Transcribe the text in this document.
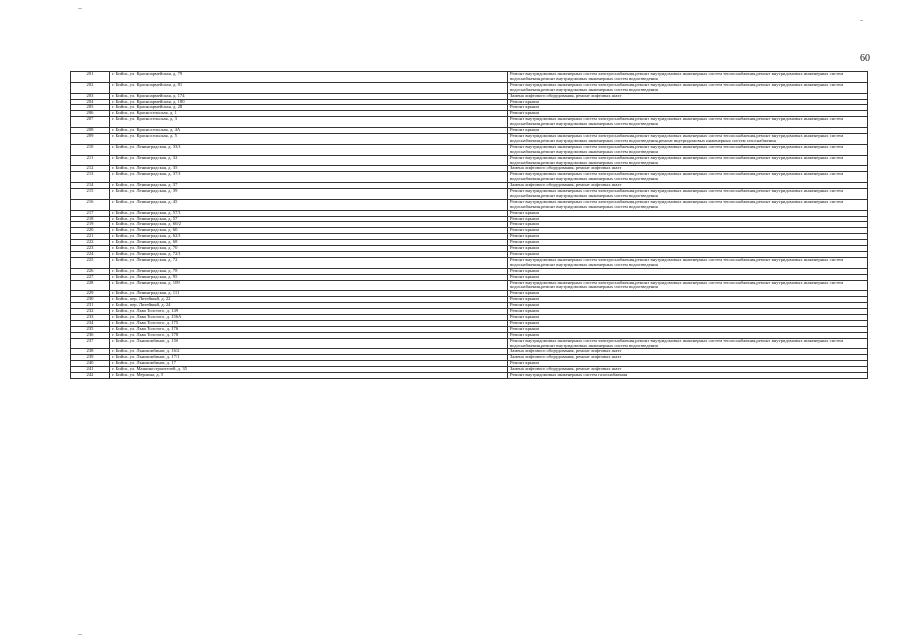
60
201	г. Бийск, ул. Красноармейская, д. 79	Ремонт внутридомовых инженерных систем электроснабжения,ремонт внутридомовых инженерных систем теплоснабжения,ремонт внутридомовых инженерных систем водоснабжения,ремонт внутридомовых инженерных систем водоотведения
202	г. Бийск, ул. Красноармейская, д. 81	Ремонт внутридомовых инженерных систем электроснабжения,ремонт внутридомовых инженерных систем теплоснабжения,ремонт внутридомовых инженерных систем водоснабжения,ремонт внутридомовых инженерных систем водоотведения
203	г. Бийск, ул. Красноармейская, д. 174	Замена лифтового оборудования, ремонт лифтовых шахт
204	г. Бийск, ул. Красноармейская, д. 180	Ремонт крыши
205	г. Бийск, ул. Красноармейская, д. 28	Ремонт крыши
206	г. Бийск, ул. Красносельская, д. 1	Ремонт крыши
207	г. Бийск, ул. Красносельская, д. 3	Ремонт внутридомовых инженерных систем электроснабжения,ремонт внутридомовых инженерных систем теплоснабжения,ремонт внутридомовых инженерных систем водоснабжения,ремонт внутридомовых инженерных систем водоотведения
208	г. Бийск, ул. Красносельская, д. 4А	Ремонт крыши
209	г. Бийск, ул. Красносельская, д. 5	Ремонт внутридомовых инженерных систем электроснабжения,ремонт внутридомовых инженерных систем теплоснабжения,ремонт внутридомовых инженерных систем водоснабжения,ремонт внутридомовых инженерных систем водоотведения,ремонт внутридомовых инженерных систем газоснабжения
210	г. Бийск, ул. Ленинградская, д. 33/1	Ремонт внутридомовых инженерных систем электроснабжения,ремонт внутридомовых инженерных систем теплоснабжения,ремонт внутридомовых инженерных систем водоснабжения,ремонт внутридомовых инженерных систем водоотведения
211	г. Бийск, ул. Ленинградская, д. 32	Ремонт внутридомовых инженерных систем электроснабжения,ремонт внутридомовых инженерных систем теплоснабжения,ремонт внутридомовых инженерных систем водоснабжения,ремонт внутридомовых инженерных систем водоотведения
212	г. Бийск, ул. Ленинградская, д. 35	Замена лифтового оборудования, ремонт лифтовых шахт
213	г. Бийск, ул. Ленинградская, д. 37/1	Ремонт внутридомовых инженерных систем электроснабжения,ремонт внутридомовых инженерных систем теплоснабжения,ремонт внутридомовых инженерных систем водоснабжения,ремонт внутридомовых инженерных систем водоотведения
214	г. Бийск, ул. Ленинградская, д. 37	Замена лифтового оборудования, ремонт лифтовых шахт
215	г. Бийск, ул. Ленинградская, д. 39	Ремонт внутридомовых инженерных систем электроснабжения,ремонт внутридомовых инженерных систем теплоснабжения,ремонт внутридомовых инженерных систем водоснабжения,ремонт внутридомовых инженерных систем водоотведения
216	г. Бийск, ул. Ленинградская, д. 45	Ремонт внутридомовых инженерных систем электроснабжения,ремонт внутридомовых инженерных систем теплоснабжения,ремонт внутридомовых инженерных систем водоснабжения,ремонт внутридомовых инженерных систем водоотведения
217	г. Бийск, ул. Ленинградская, д. 57/1	Ремонт крыши
218	г. Бийск, ул. Ленинградская, д. 57	Ремонт крыши
219	г. Бийск, ул. Ленинградская, д. 60/2	Ремонт крыши
220	г. Бийск, ул. Ленинградская, д. 60	Ремонт крыши
221	г. Бийск, ул. Ленинградская, д. 62/1	Ремонт крыши
222	г. Бийск, ул. Ленинградская, д. 68	Ремонт крыши
223	г. Бийск, ул. Ленинградская, д. 70	Ремонт крыши
224	г. Бийск, ул. Ленинградская, д. 72/1	Ремонт крыши
225	г. Бийск, ул. Ленинградская, д. 72	Ремонт внутридомовых инженерных систем электроснабжения,ремонт внутридомовых инженерных систем теплоснабжения,ремонт внутридомовых инженерных систем водоснабжения,ремонт внутридомовых инженерных систем водоотведения
226	г. Бийск, ул. Ленинградская, д. 78	Ремонт крыши
227	г. Бийск, ул. Ленинградская, д. 95	Ремонт крыши
228	г. Бийск, ул. Ленинградская, д. 109	Ремонт внутридомовых инженерных систем электроснабжения,ремонт внутридомовых инженерных систем теплоснабжения,ремонт внутридомовых инженерных систем водоснабжения,ремонт внутридомовых инженерных систем водоотведения
229	г. Бийск, ул. Ленинградская, д. 111	Ремонт крыши
230	г. Бийск, пер. Литейный, д. 22	Ремонт крыши
231	г. Бийск, пер. Литейный, д. 24	Ремонт крыши
232	г. Бийск, ул. Льва Толстого, д. 149	Ремонт крыши
233	г. Бийск, ул. Льва Толстого, д. 156А	Ремонт крыши
234	г. Бийск, ул. Льва Толстого, д. 175	Ремонт крыши
235	г. Бийск, ул. Льва Толстого, д. 176	Ремонт крыши
236	г. Бийск, ул. Льва Толстого, д. 178	Ремонт крыши
237	г. Бийск, ул. Льнокомбинат, д. 15б	Ремонт внутридомовых инженерных систем электроснабжения,ремонт внутридомовых инженерных систем теплоснабжения,ремонт внутридомовых инженерных систем водоснабжения,ремонт внутридомовых инженерных систем водоотведения
238	г. Бийск, ул. Льнокомбинат, д. 16/2	Замена лифтового оборудования, ремонт лифтовых шахт
239	г. Бийск, ул. Льнокомбинат, д. 17/1	Замена лифтового оборудования, ремонт лифтовых шахт
240	г. Бийск, ул. Льнокомбинат, д. 17	Ремонт крыши
241	г. Бийск, ул. Машиностроителей, д. 35	Замена лифтового оборудования, ремонт лифтовых шахт
242	г. Бийск, ул. Мерлина, д. 5	Ремонт внутридомовых инженерных систем газоснабжения
